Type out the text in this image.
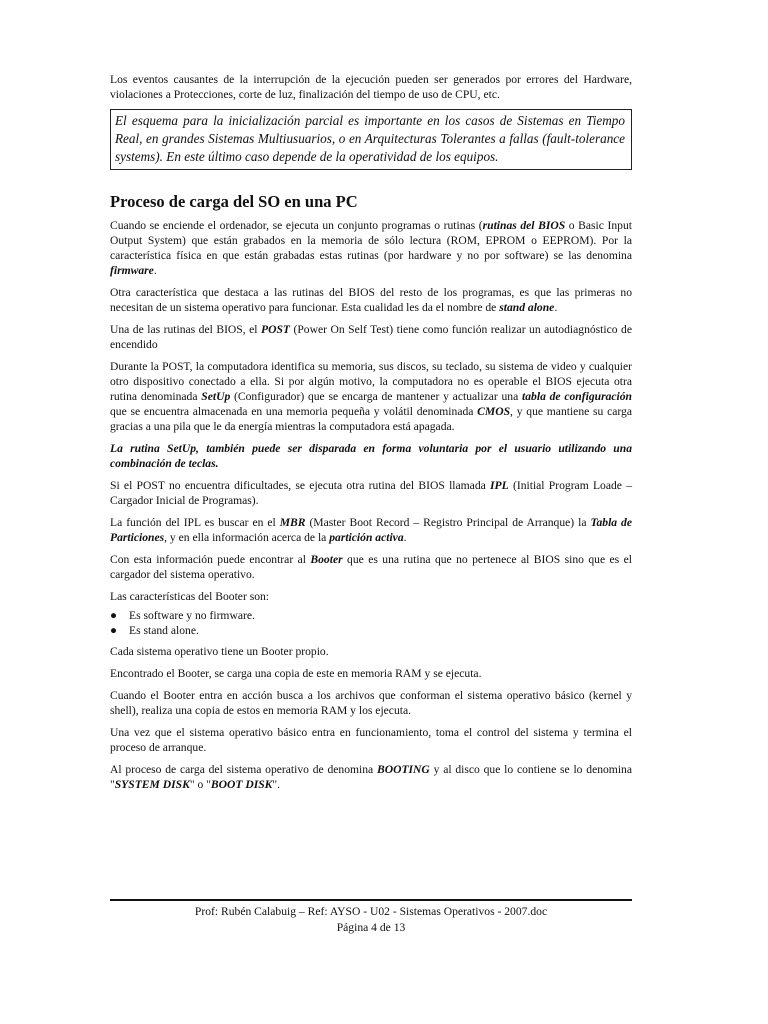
Los eventos causantes de la interrupción de la ejecución pueden ser generados por errores del Hardware, violaciones a Protecciones, corte de luz, finalización del tiempo de uso de CPU, etc.

El esquema para la inicialización parcial es importante en los casos de Sistemas en Tiempo Real, en grandes Sistemas Multiusuarios, o en Arquitecturas Tolerantes a fallas (fault-tolerance systems). En este último caso depende de la operatividad de los equipos.
Proceso de carga del SO en una PC

Cuando se enciende el ordenador, se ejecuta un conjunto programas o rutinas (rutinas del BIOS o Basic Input Output System) que están grabados en la memoria de sólo lectura (ROM, EPROM o EEPROM). Por la característica física en que están grabadas estas rutinas (por hardware y no por software) se las denomina firmware.

Otra característica que destaca a las rutinas del BIOS del resto de los programas, es que las primeras no necesitan de un sistema operativo para funcionar. Esta cualidad les da el nombre de stand alone.

Una de las rutinas del BIOS, el POST (Power On Self Test) tiene como función realizar un autodiagnóstico de encendido

Durante la POST, la computadora identifica su memoria, sus discos, su teclado, su sistema de video y cualquier otro dispositivo conectado a ella. Si por algún motivo, la computadora no es operable el BIOS ejecuta otra rutina denominada SetUp (Configurador) que se encarga de mantener y actualizar una tabla de configuración que se encuentra almacenada en una memoria pequeña y volátil denominada CMOS, y que mantiene su carga gracias a una pila que le da energía mientras la computadora está apagada.

La rutina SetUp, también puede ser disparada en forma voluntaria por el usuario utilizando una combinación de teclas.

Si el POST no encuentra dificultades, se ejecuta otra rutina del BIOS llamada IPL (Initial Program Loade – Cargador Inicial de Programas).

La función del IPL es buscar en el MBR (Master Boot Record – Registro Principal de Arranque) la Tabla de Particiones, y en ella información acerca de la partición activa.

Con esta información puede encontrar al Booter que es una rutina que no pertenece al BIOS sino que es el cargador del sistema operativo.

Las características del Booter son:

●	Es software y no firmware.
●	Es stand alone.

Cada sistema operativo tiene un Booter propio.

Encontrado el Booter, se carga una copia de este en memoria RAM y se ejecuta.

Cuando el Booter entra en acción busca a los archivos que conforman el sistema operativo básico (kernel y shell), realiza una copia de estos en memoria RAM y los ejecuta.

Una vez que el sistema operativo básico entra en funcionamiento, toma el control del sistema y termina el proceso de arranque.

Al proceso de carga del sistema operativo de denomina BOOTING y al disco que lo contiene se lo denomina "SYSTEM DISK" o "BOOT DISK".

Prof: Rubén Calabuig – Ref: AYSO - U02 - Sistemas Operativos - 2007.doc
Página 4 de 13
